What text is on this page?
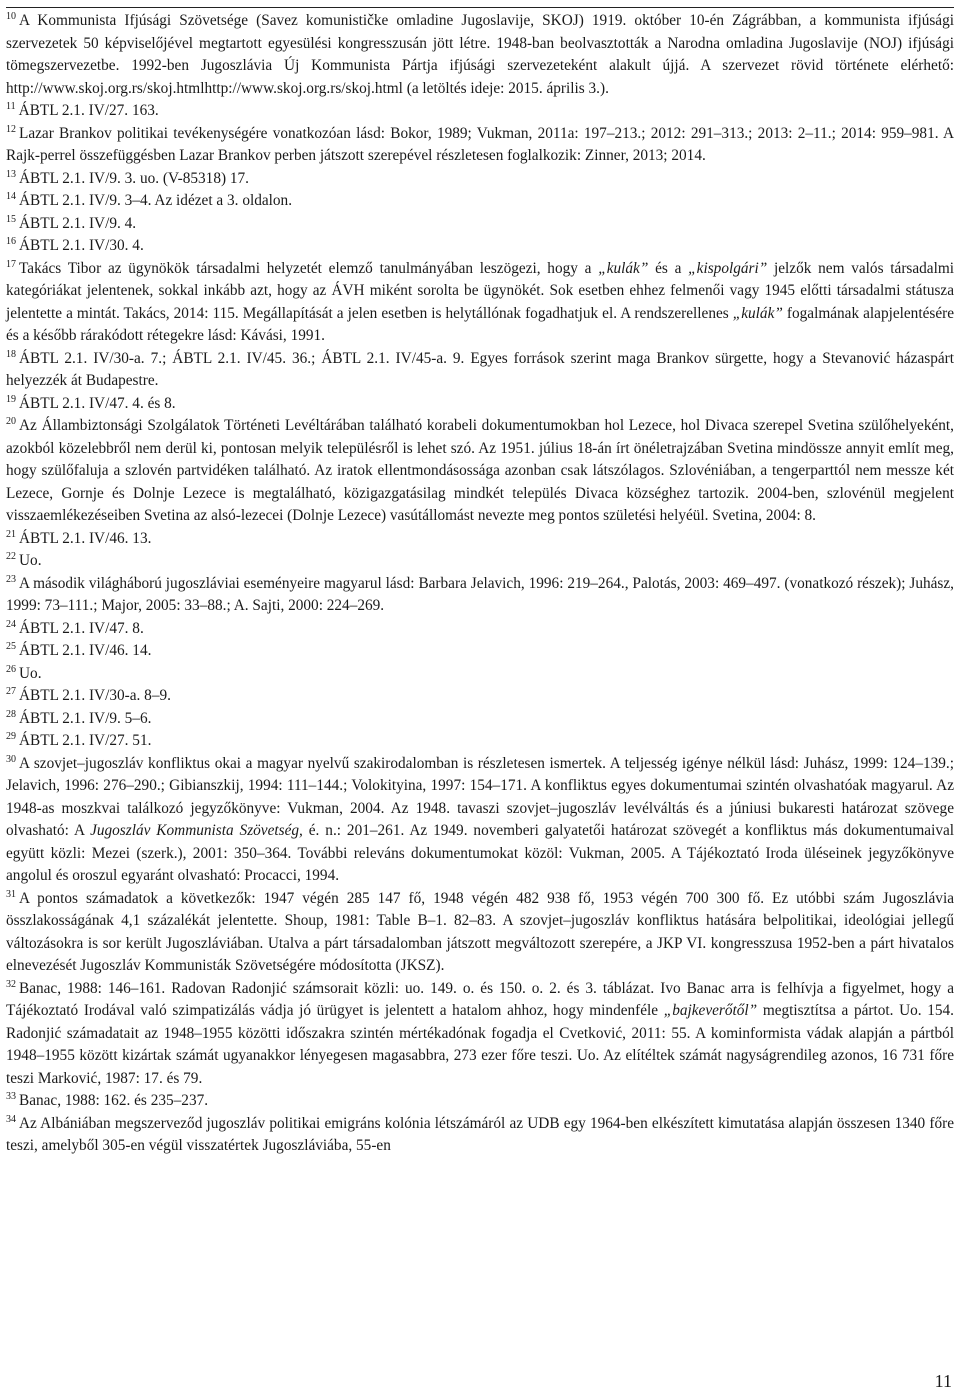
$^{10}$ A Kommunista Ifjúsági Szövetsége (Savez komunističke omladine Jugoslavije, SKOJ) 1919. október 10-én Zágrábban, a kommunista ifjúsági szervezetek 50 képviselőjével megtartott egyesülési kongresszusán jött létre. 1948-ban beolvasztották a Narodna omladina Jugoslavije (NOJ) ifjúsági tömegszervezetbe. 1992-ben Jugoszlávia Új Kommunista Pártja ifjúsági szervezeteként alakult újjá. A szervezet rövid története elérhető: http://www.skoj.org.rs/skoj.htmlhttp://www.skoj.org.rs/skoj.html (a letöltés ideje: 2015. április 3.).

$^{11}$ ÁBTL 2.1. IV/27. 163.

$^{12}$ Lazar Brankov politikai tevékenységére vonatkozóan lásd: Bokor, 1989; Vukman, 2011a: 197–213.; 2012: 291–313.; 2013: 2–11.; 2014: 959–981. A Rajk-perrel összefüggésben Lazar Brankov perben játszott szerepével részletesen foglalkozik: Zinner, 2013; 2014.

$^{13}$ ÁBTL 2.1. IV/9. 3. uo. (V-85318) 17.

$^{14}$ ÁBTL 2.1. IV/9. 3–4. Az idézet a 3. oldalon.

$^{15}$ ÁBTL 2.1. IV/9. 4.

$^{16}$ ÁBTL 2.1. IV/30. 4.

$^{17}$ Takács Tibor az ügynökök társadalmi helyzetét elemző tanulmányában leszögezi, hogy a „kulák” és a „kispolgári” jelzők nem valós társadalmi kategóriákat jelentenek, sokkal inkább azt, hogy az ÁVH miként sorolta be ügynökét. Sok esetben ehhez felmenői vagy 1945 előtti társadalmi státusza jelentette a mintát. Takács, 2014: 115. Megállapítását a jelen esetben is helytállónak fogadhatjuk el. A rendszerellenes „kulák” fogalmának alapjelentésére és a később rárakódott rétegekre lásd: Kávási, 1991.

$^{18}$ ÁBTL 2.1. IV/30-a. 7.; ÁBTL 2.1. IV/45. 36.; ÁBTL 2.1. IV/45-a. 9. Egyes források szerint maga Brankov sürgette, hogy a Stevanović házaspárt helyezzék át Budapestre.

$^{19}$ ÁBTL 2.1. IV/47. 4. és 8.

$^{20}$ Az Állambiztonsági Szolgálatok Történeti Levéltárában található korabeli dokumentumokban hol Lezece, hol Divaca szerepel Svetina szülőhelyeként, azokból közelebbről nem derül ki, pontosan melyik településről is lehet szó. Az 1951. július 18-án írt önéletrajzában Svetina mindössze annyit említ meg, hogy szülőfaluja a szlovén partvidéken található. Az iratok ellentmondásossága azonban csak látszólagos. Szlovéniában, a tengerparttól nem messze két Lezece, Gornje és Dolnje Lezece is megtalálható, közigazgatásilag mindkét település Divaca községhez tartozik. 2004-ben, szlovénül megjelent visszaemlékezéseiben Svetina az alsó-lezecei (Dolnje Lezece) vasútállomást nevezte meg pontos születési helyéül. Svetina, 2004: 8.

$^{21}$ ÁBTL 2.1. IV/46. 13.

$^{22}$ Uo.

$^{23}$ A második világháború jugoszláviai eseményeire magyarul lásd: Barbara Jelavich, 1996: 219–264., Palotás, 2003: 469–497. (vonatkozó részek); Juhász, 1999: 73–111.; Major, 2005: 33–88.; A. Sajti, 2000: 224–269.

$^{24}$ ÁBTL 2.1. IV/47. 8.

$^{25}$ ÁBTL 2.1. IV/46. 14.

$^{26}$ Uo.

$^{27}$ ÁBTL 2.1. IV/30-a. 8–9.

$^{28}$ ÁBTL 2.1. IV/9. 5–6.

$^{29}$ ÁBTL 2.1. IV/27. 51.

$^{30}$ A szovjet–jugoszláv konfliktus okai a magyar nyelvű szakirodalomban is részletesen ismertek. A teljesség igénye nélkül lásd: Juhász, 1999: 124–139.; Jelavich, 1996: 276–290.; Gibianszkij, 1994: 111–144.; Volokityina, 1997: 154–171. A konfliktus egyes dokumentumai szintén olvashatóak magyarul. Az 1948-as moszkvai találkozó jegyzőkönyve: Vukman, 2004. Az 1948. tavaszi szovjet–jugoszláv levélváltás és a júniusi bukaresti határozat szövege olvasható: A Jugoszláv Kommunista Szövetség, é. n.: 201–261. Az 1949. novemberi galyatetői határozat szövegét a konfliktus más dokumentumaival együtt közli: Mezei (szerk.), 2001: 350–364. További releváns dokumentumokat közöl: Vukman, 2005. A Tájékoztató Iroda üléseinek jegyzőkönyve angolul és oroszul egyaránt olvasható: Procacci, 1994.

$^{31}$ A pontos számadatok a következők: 1947 végén 285 147 fő, 1948 végén 482 938 fő, 1953 végén 700 300 fő. Ez utóbbi szám Jugoszlávia összlakosságának 4,1 százalékát jelentette. Shoup, 1981: Table B–1. 82–83. A szovjet–jugoszláv konfliktus hatására belpolitikai, ideológiai jellegű változásokra is sor került Jugoszláviában. Utalva a párt társadalomban játszott megváltozott szerepére, a JKP VI. kongresszusa 1952-ben a párt hivatalos elnevezését Jugoszláv Kommunisták Szövetségére módosította (JKSZ).

$^{32}$ Banac, 1988: 146–161. Radovan Radonjić számsorait közli: uo. 149. o. és 150. o. 2. és 3. táblázat. Ivo Banac arra is felhívja a figyelmet, hogy a Tájékoztató Irodával való szimpatizálás vádja jó ürügyet is jelentett a hatalom ahhoz, hogy mindenféle „bajkeverőtől” megtisztítsa a pártot. Uo. 154. Radonjić számadatait az 1948–1955 közötti időszakra szintén mértékadónak fogadja el Cvetković, 2011: 55. A kominformista vádak alapján a pártból 1948–1955 között kizártak számát ugyanakkor lényegesen magasabbra, 273 ezer főre teszi. Uo. Az elítéltek számát nagyságrendileg azonos, 16 731 főre teszi Marković, 1987: 17. és 79.

$^{33}$ Banac, 1988: 162. és 235–237.

$^{34}$ Az Albániában megszerveződ jugoszláv politikai emigráns kolónia létszámáról az UDB egy 1964-ben elkészített kimutatása alapján összesen 1340 főre teszi, amelyből 305-en végül visszatértek Jugoszláviába, 55-en

11
